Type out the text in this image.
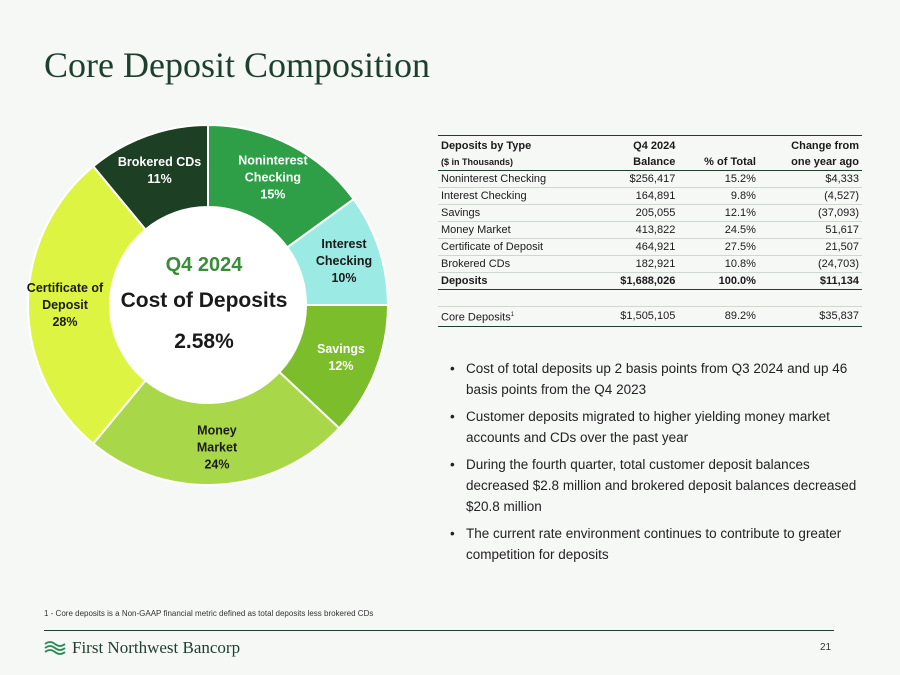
Core Deposit Composition
Noninterest
Checking
15%
Interest
Checking
10%
Savings
12%
Money
Market
24%
Certificate of
Deposit
28%
Brokered CDs
11%
Q4 2024
Cost of Deposits
2.58%
Deposits by Type	Q4 2024		Change from
($ in Thousands)	Balance	% of Total	one year ago
Noninterest Checking	$256,417	15.2%	$4,333
Interest Checking	164,891	9.8%	(4,527)
Savings	205,055	12.1%	(37,093)
Money Market	413,822	24.5%	51,617
Certificate of Deposit	464,921	27.5%	21,507
Brokered CDs	182,921	10.8%	(24,703)
Deposits	$1,688,026	100.0%	$11,134

Core Deposits$^1$	$1,505,105	89.2%	$35,837
• Cost of total deposits up 2 basis points from Q3 2024 and up 46 basis points from the Q4 2023
• Customer deposits migrated to higher yielding money market accounts and CDs over the past year
• During the fourth quarter, total customer deposit balances decreased $2.8 million and brokered deposit balances decreased $20.8 million
• The current rate environment continues to contribute to greater competition for deposits
1 - Core deposits is a Non-GAAP financial metric defined as total deposits less brokered CDs
First Northwest Bancorp	21
